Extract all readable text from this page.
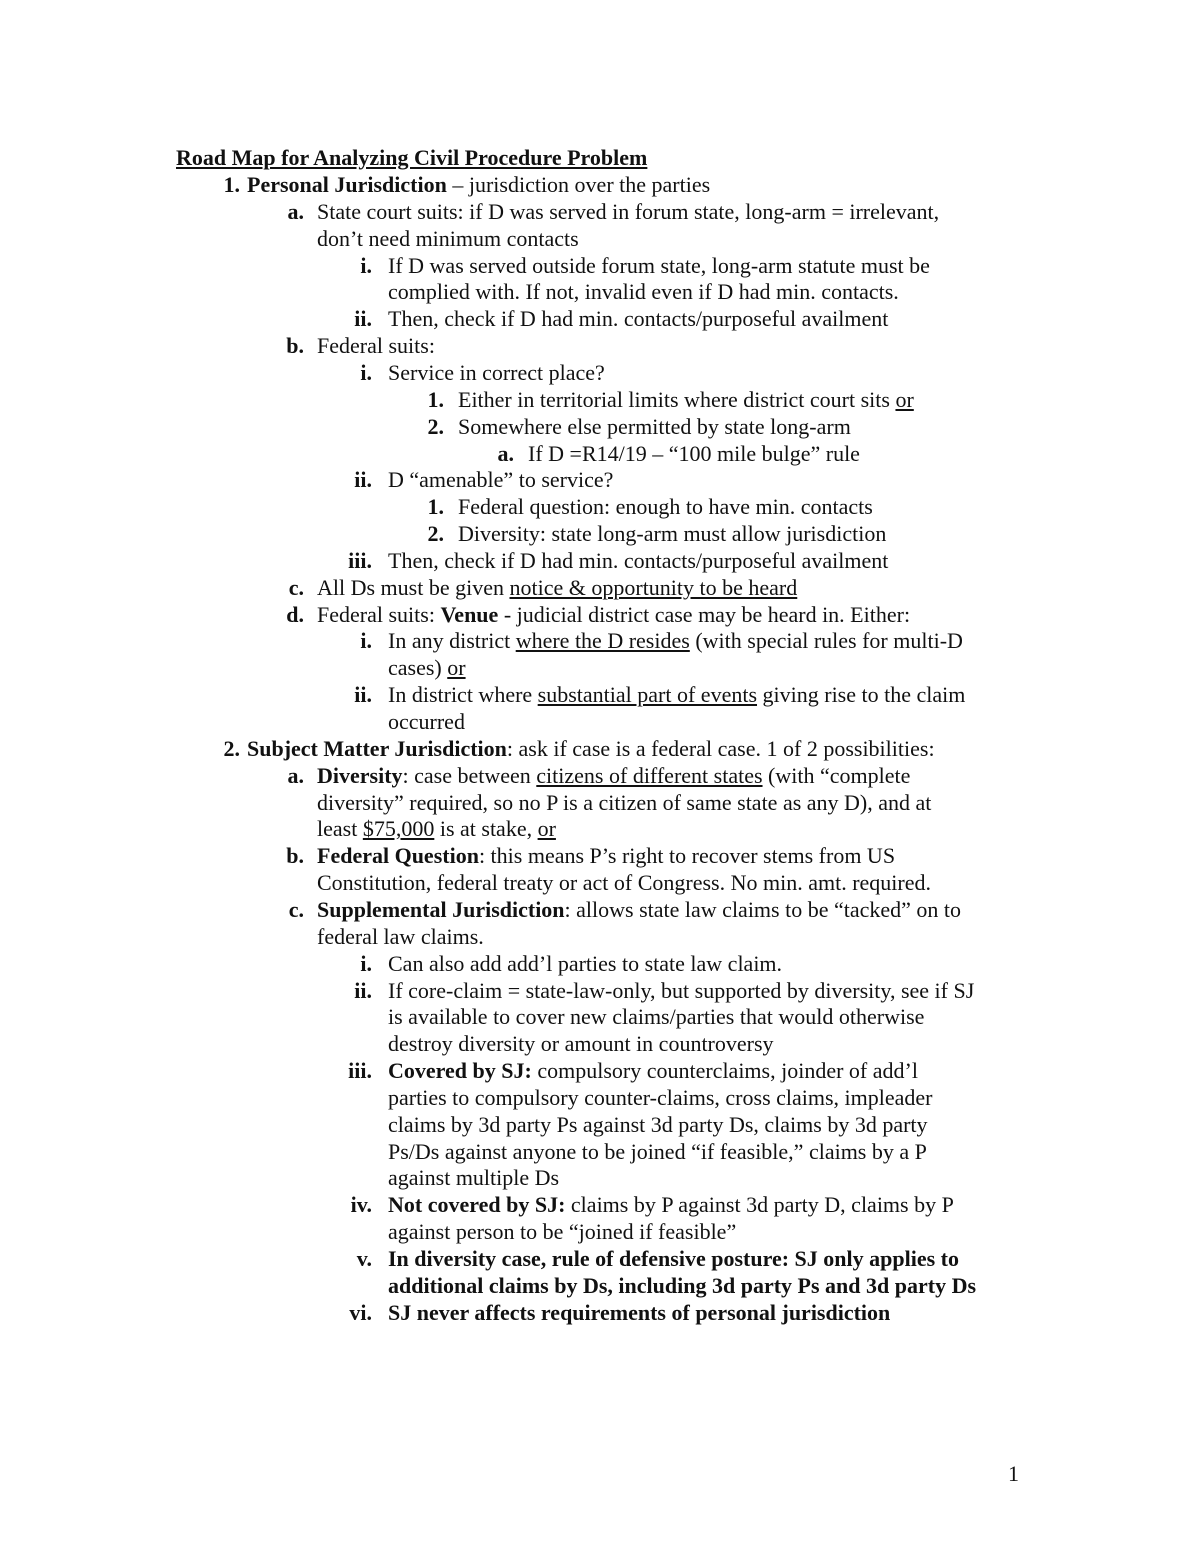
Road Map for Analyzing Civil Procedure Problem
1. Personal Jurisdiction – jurisdiction over the parties
a. State court suits: if D was served in forum state, long-arm = irrelevant,
don’t need minimum contacts
i. If D was served outside forum state, long-arm statute must be
complied with. If not, invalid even if D had min. contacts.
ii. Then, check if D had min. contacts/purposeful availment
b. Federal suits:
i. Service in correct place?
1. Either in territorial limits where district court sits or
2. Somewhere else permitted by state long-arm
a. If D =R14/19 – “100 mile bulge” rule
ii. D “amenable” to service?
1. Federal question: enough to have min. contacts
2. Diversity: state long-arm must allow jurisdiction
iii. Then, check if D had min. contacts/purposeful availment
c. All Ds must be given notice & opportunity to be heard
d. Federal suits: Venue - judicial district case may be heard in. Either:
i. In any district where the D resides (with special rules for multi-D
cases) or
ii. In district where substantial part of events giving rise to the claim
occurred
2. Subject Matter Jurisdiction: ask if case is a federal case. 1 of 2 possibilities:
a. Diversity: case between citizens of different states (with “complete
diversity” required, so no P is a citizen of same state as any D), and at
least $75,000 is at stake, or
b. Federal Question: this means P’s right to recover stems from US
Constitution, federal treaty or act of Congress. No min. amt. required.
c. Supplemental Jurisdiction: allows state law claims to be “tacked” on to
federal law claims.
i. Can also add add’l parties to state law claim.
ii. If core-claim = state-law-only, but supported by diversity, see if SJ
is available to cover new claims/parties that would otherwise
destroy diversity or amount in countroversy
iii. Covered by SJ: compulsory counterclaims, joinder of add’l
parties to compulsory counter-claims, cross claims, impleader
claims by 3d party Ps against 3d party Ds, claims by 3d party
Ps/Ds against anyone to be joined “if feasible,” claims by a P
against multiple Ds
iv. Not covered by SJ: claims by P against 3d party D, claims by P
against person to be “joined if feasible”
v. In diversity case, rule of defensive posture: SJ only applies to
additional claims by Ds, including 3d party Ps and 3d party Ds
vi. SJ never affects requirements of personal jurisdiction
1
